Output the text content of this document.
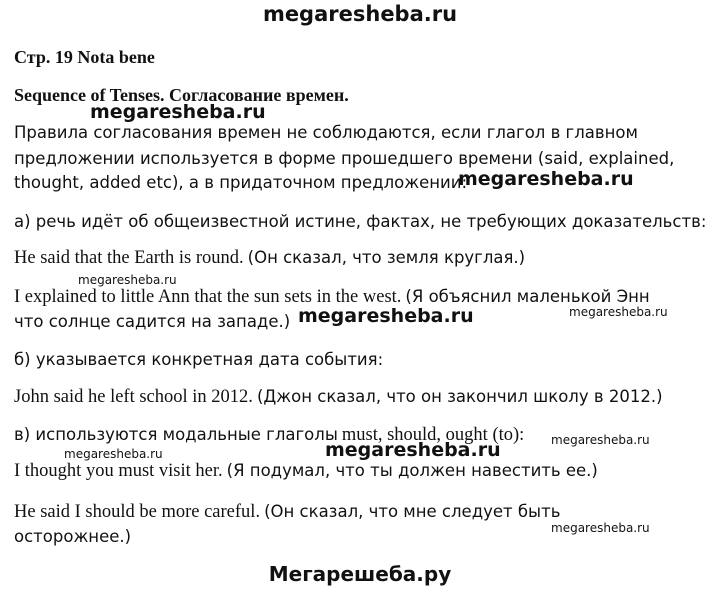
megaresheba.ru
Мегарешеба.ру
Стр. 19 Nota bene
Sequence of Tenses. Согласование времен.
Правила согласования времен не соблюдаются, если глагол в главном
предложении используется в форме прошедшего времени (said, explained,
thought, added etc), а в придаточном предложении:
а) речь идёт об общеизвестной истине, фактах, не требующих доказательств:
He said that the Earth is round. (Он сказал, что земля круглая.)
I explained to little Ann that the sun sets in the west. (Я объяснил маленькой Энн
что солнце садится на западе.)
б) указывается конкретная дата события:
John said he left school in 2012. (Джон сказал, что он закончил школу в 2012.)
в) используются модальные глаголы must, should, ought (to):
I thought you must visit her. (Я подумал, что ты должен навестить ее.)
He said I should be more careful. (Он сказал, что мне следует быть
осторожнее.)
megaresheba.ru
megaresheba.ru
megaresheba.ru
megaresheba.ru	megaresheba.ru
megaresheba.ru
megaresheba.ru	megaresheba.ru
megaresheba.ru
